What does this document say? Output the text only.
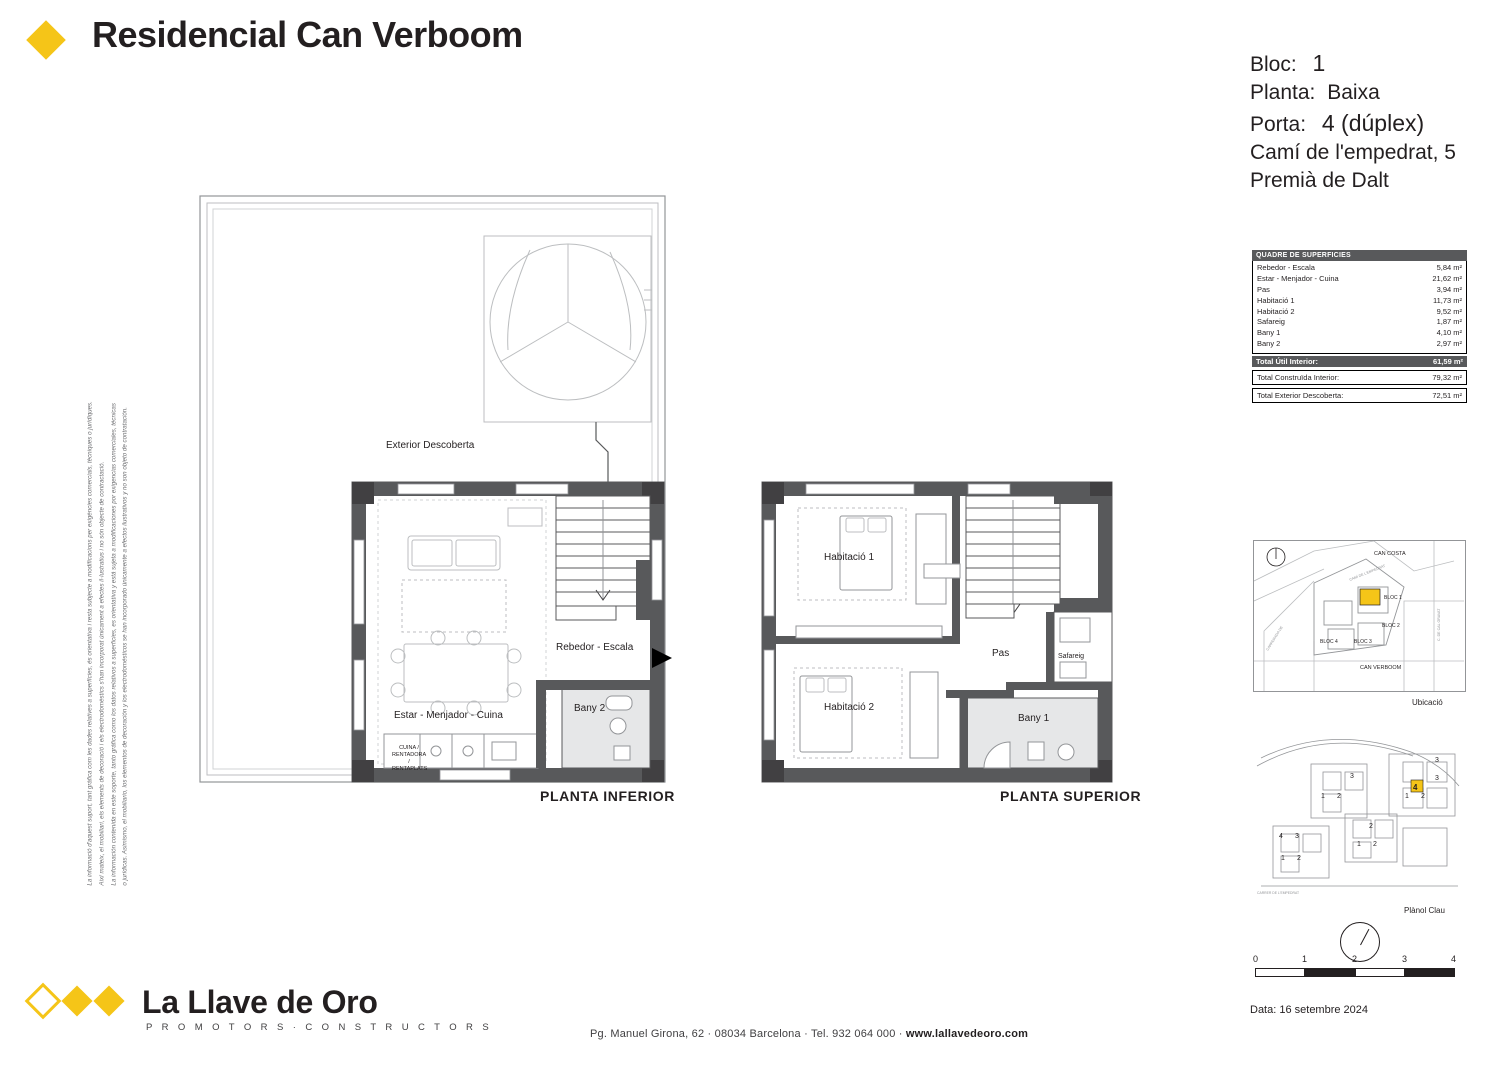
Residencial Can Verboom
Bloc: 1
Planta: Baixa
Porta: 4 (dúplex)
Camí de l'empedrat, 5
Premià de Dalt
QUADRE DE SUPERFICIES
Rebedor - Escala	5,84 m²
Estar - Menjador - Cuina	21,62 m²
Pas	3,94 m²
Habitació 1	11,73 m²
Habitació 2	9,52 m²
Safareig	1,87 m²
Bany 1	4,10 m²
Bany 2	2,97 m²
Total Útil Interior:	61,59 m²
Total Construïda Interior:	79,32 m²
Total Exterior Descoberta:	72,51 m²

La informació d'aquest suport, tant gràfica com les dades relatives a superfícies, és orientativa i resta subjecte a modificacions per exigències comercials, tècniques o jurídiques. Així mateix, el mobiliari, els elements de decoració i els electrodomèstics s'han incorporat únicament a efectes il·lustratius i no són objecte de contractació. La información contenida en este soporte, tanto gráfica como los datos relativos a superficies, es orientativa y está sujeta a modificaciones por exigencias comerciales, técnicas o jurídicas. Asimismo, el mobiliario, los elementos de decoración y los electrodomésticos se han incorporado únicamente a efectos ilustrativos y no son objeto de contratación.	Exterior Descoberta
Rebedor - Escala
Estar - Menjador - Cuina
Bany 2
CUINA / RENTADORA / RENTAPLATS
PLANTA INFERIOR
Habitació 1
Habitació 2
Pas	Safareig
Bany 1
PLANTA SUPERIOR
BLOC 1
BLOC 2
BLOC 3
BLOC 4
CAN COSTA
CAN VERBOOM
CAMÍ DE L'EMPEDRAT
C. DE CAL GRAVAT
CARRERADA DE
Ubicació
3
3
1 2
3
1 2
2
1 2
4 3
1 2
4
CARRER DE L'EMPEDRAT
Plànol Clau
0	1	2	3	4
Data: 16 setembre 2024
La Llave de Oro
P R O M O T O R S · C O N S T R U C T O R S
Pg. Manuel Girona, 62 · 08034 Barcelona · Tel. 932 064 000 · www.lallavedeoro.com
